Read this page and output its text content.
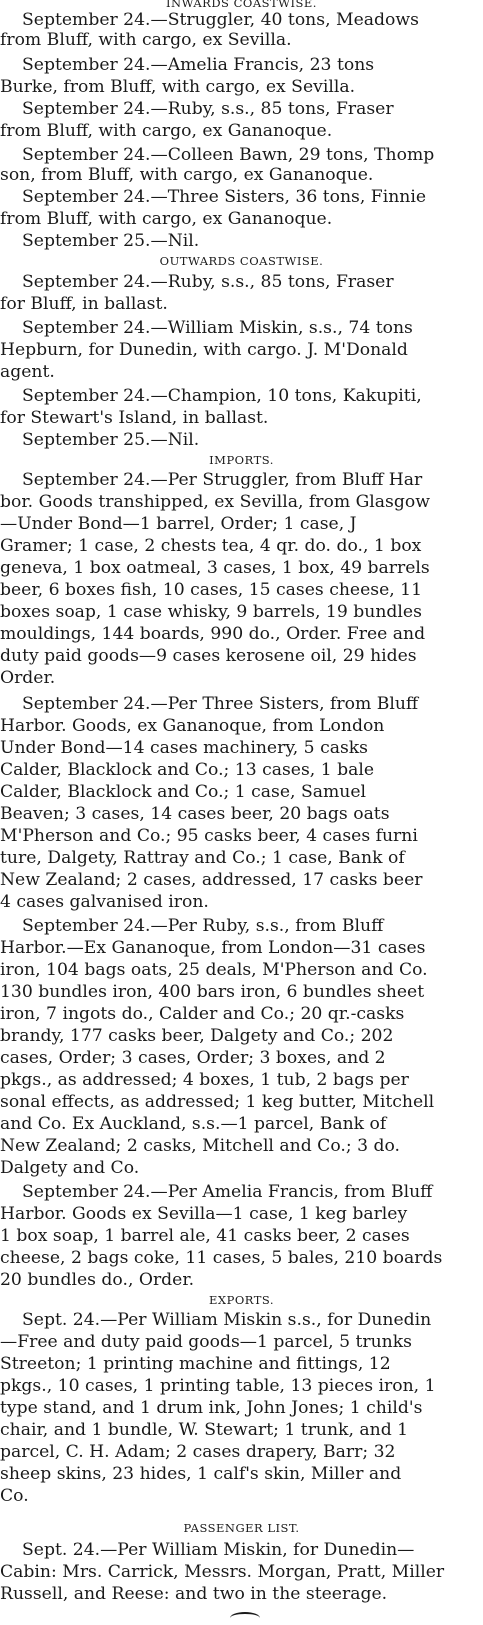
INWARDS COASTWISE.
September 24.—Struggler, 40 tons, Meadows
from Bluff, with cargo, ex Sevilla.
September 24.—Amelia Francis, 23 tons
Burke, from Bluff, with cargo, ex Sevilla.
September 24.—Ruby, s.s., 85 tons, Fraser
from Bluff, with cargo, ex Gananoque.
September 24.—Colleen Bawn, 29 tons, Thomp
son, from Bluff, with cargo, ex Gananoque.
September 24.—Three Sisters, 36 tons, Finnie
from Bluff, with cargo, ex Gananoque.
September 25.—Nil.
OUTWARDS COASTWISE.
September 24.—Ruby, s.s., 85 tons, Fraser
for Bluff, in ballast.
September 24.—William Miskin, s.s., 74 tons
Hepburn, for Dunedin, with cargo. J. M'Donald
agent.
September 24.—Champion, 10 tons, Kakupiti,
for Stewart's Island, in ballast.
September 25.—Nil.
IMPORTS.
September 24.—Per Struggler, from Bluff Har
bor. Goods transhipped, ex Sevilla, from Glasgow
—Under Bond—1 barrel, Order; 1 case, J
Gramer; 1 case, 2 chests tea, 4 qr. do. do., 1 box
geneva, 1 box oatmeal, 3 cases, 1 box, 49 barrels
beer, 6 boxes fish, 10 cases, 15 cases cheese, 11
boxes soap, 1 case whisky, 9 barrels, 19 bundles
mouldings, 144 boards, 990 do., Order. Free and
duty paid goods—9 cases kerosene oil, 29 hides
Order.
September 24.—Per Three Sisters, from Bluff
Harbor. Goods, ex Gananoque, from London
Under Bond—14 cases machinery, 5 casks
Calder, Blacklock and Co.; 13 cases, 1 bale
Calder, Blacklock and Co.; 1 case, Samuel
Beaven; 3 cases, 14 cases beer, 20 bags oats
M'Pherson and Co.; 95 casks beer, 4 cases furni
ture, Dalgety, Rattray and Co.; 1 case, Bank of
New Zealand; 2 cases, addressed, 17 casks beer
4 cases galvanised iron.
September 24.—Per Ruby, s.s., from Bluff
Harbor.—Ex Gananoque, from London—31 cases
iron, 104 bags oats, 25 deals, M'Pherson and Co.
130 bundles iron, 400 bars iron, 6 bundles sheet
iron, 7 ingots do., Calder and Co.; 20 qr.-casks
brandy, 177 casks beer, Dalgety and Co.; 202
cases, Order; 3 cases, Order; 3 boxes, and 2
pkgs., as addressed; 4 boxes, 1 tub, 2 bags per
sonal effects, as addressed; 1 keg butter, Mitchell
and Co. Ex Auckland, s.s.—1 parcel, Bank of
New Zealand; 2 casks, Mitchell and Co.; 3 do.
Dalgety and Co.
September 24.—Per Amelia Francis, from Bluff
Harbor. Goods ex Sevilla—1 case, 1 keg barley
1 box soap, 1 barrel ale, 41 casks beer, 2 cases
cheese, 2 bags coke, 11 cases, 5 bales, 210 boards
20 bundles do., Order.
EXPORTS.
Sept. 24.—Per William Miskin s.s., for Dunedin
—Free and duty paid goods—1 parcel, 5 trunks
Streeton; 1 printing machine and fittings, 12
pkgs., 10 cases, 1 printing table, 13 pieces iron, 1
type stand, and 1 drum ink, John Jones; 1 child's
chair, and 1 bundle, W. Stewart; 1 trunk, and 1
parcel, C. H. Adam; 2 cases drapery, Barr; 32
sheep skins, 23 hides, 1 calf's skin, Miller and
Co.
PASSENGER LIST.
Sept. 24.—Per William Miskin, for Dunedin—
Cabin: Mrs. Carrick, Messrs. Morgan, Pratt, Miller
Russell, and Reese: and two in the steerage.
